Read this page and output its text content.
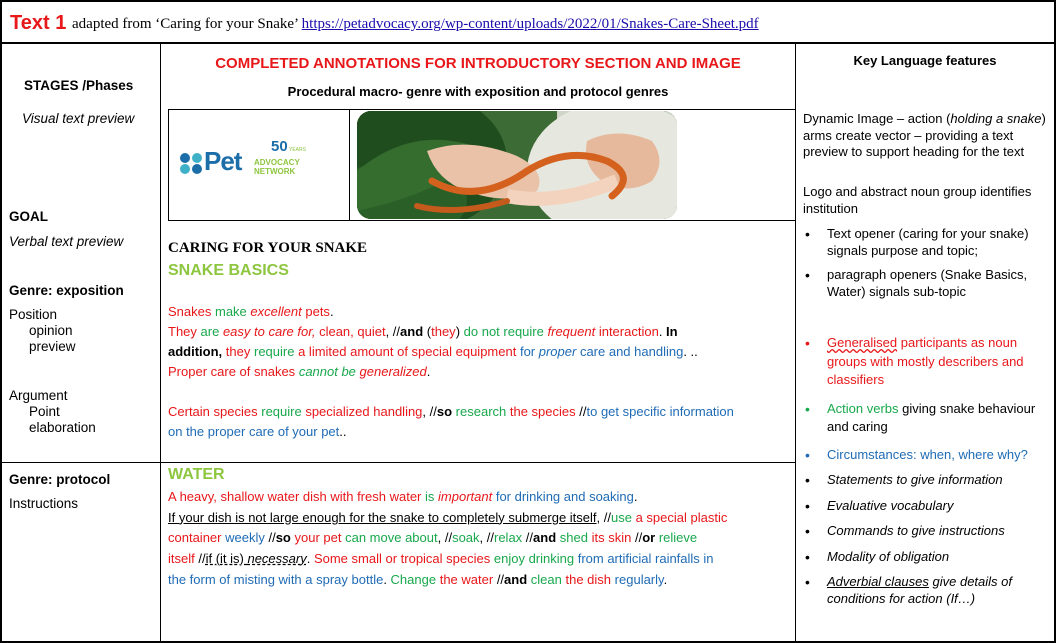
Text 1 adapted from ‘Caring for your Snake’ https://petadvocacy.org/wp-content/uploads/2022/01/Snakes-Care-Sheet.pdf
STAGES /Phases
Visual text preview
GOAL
Verbal text preview
Genre: exposition
Position
opinion
preview
Argument
Point
elaboration
Genre: protocol
Instructions
COMPLETED ANNOTATIONS FOR INTRODUCTORY SECTION AND IMAGE
Procedural macro- genre with exposition and protocol genres
Pet 50 YEARS
ADVOCACY
NETWORK
CARING FOR YOUR SNAKE
SNAKE BASICS
Snakes make excellent pets.
They are easy to care for, clean, quiet, //and (they) do not require frequent interaction. In
addition, they require a limited amount of special equipment for proper care and handling. ..
Proper care of snakes cannot be generalized.
Certain species require specialized handling, //so research the species //to get specific information
on the proper care of your pet..
WATER
A heavy, shallow water dish with fresh water is important for drinking and soaking.
If your dish is not large enough for the snake to completely submerge itself, //use a special plastic
container weekly //so your pet can move about, //soak, //relax //and shed its skin //or relieve
itself //if (it is) necessary. Some small or tropical species enjoy drinking from artificial rainfalls in
the form of misting with a spray bottle. Change the water //and clean the dish regularly.
Key Language features
Dynamic Image – action (holding a snake) arms create vector – providing a text preview to support heading for the text
Logo and abstract noun group identifies institution
• Text opener (caring for your snake) signals purpose and topic;
• paragraph openers (Snake Basics, Water) signals sub-topic
• Generalised participants as noun groups with mostly describers and classifiers
• Action verbs giving snake behaviour and caring
• Circumstances: when, where why?
• Statements to give information
• Evaluative vocabulary
• Commands to give instructions
• Modality of obligation
• Adverbial clauses give details of conditions for action (If…)
